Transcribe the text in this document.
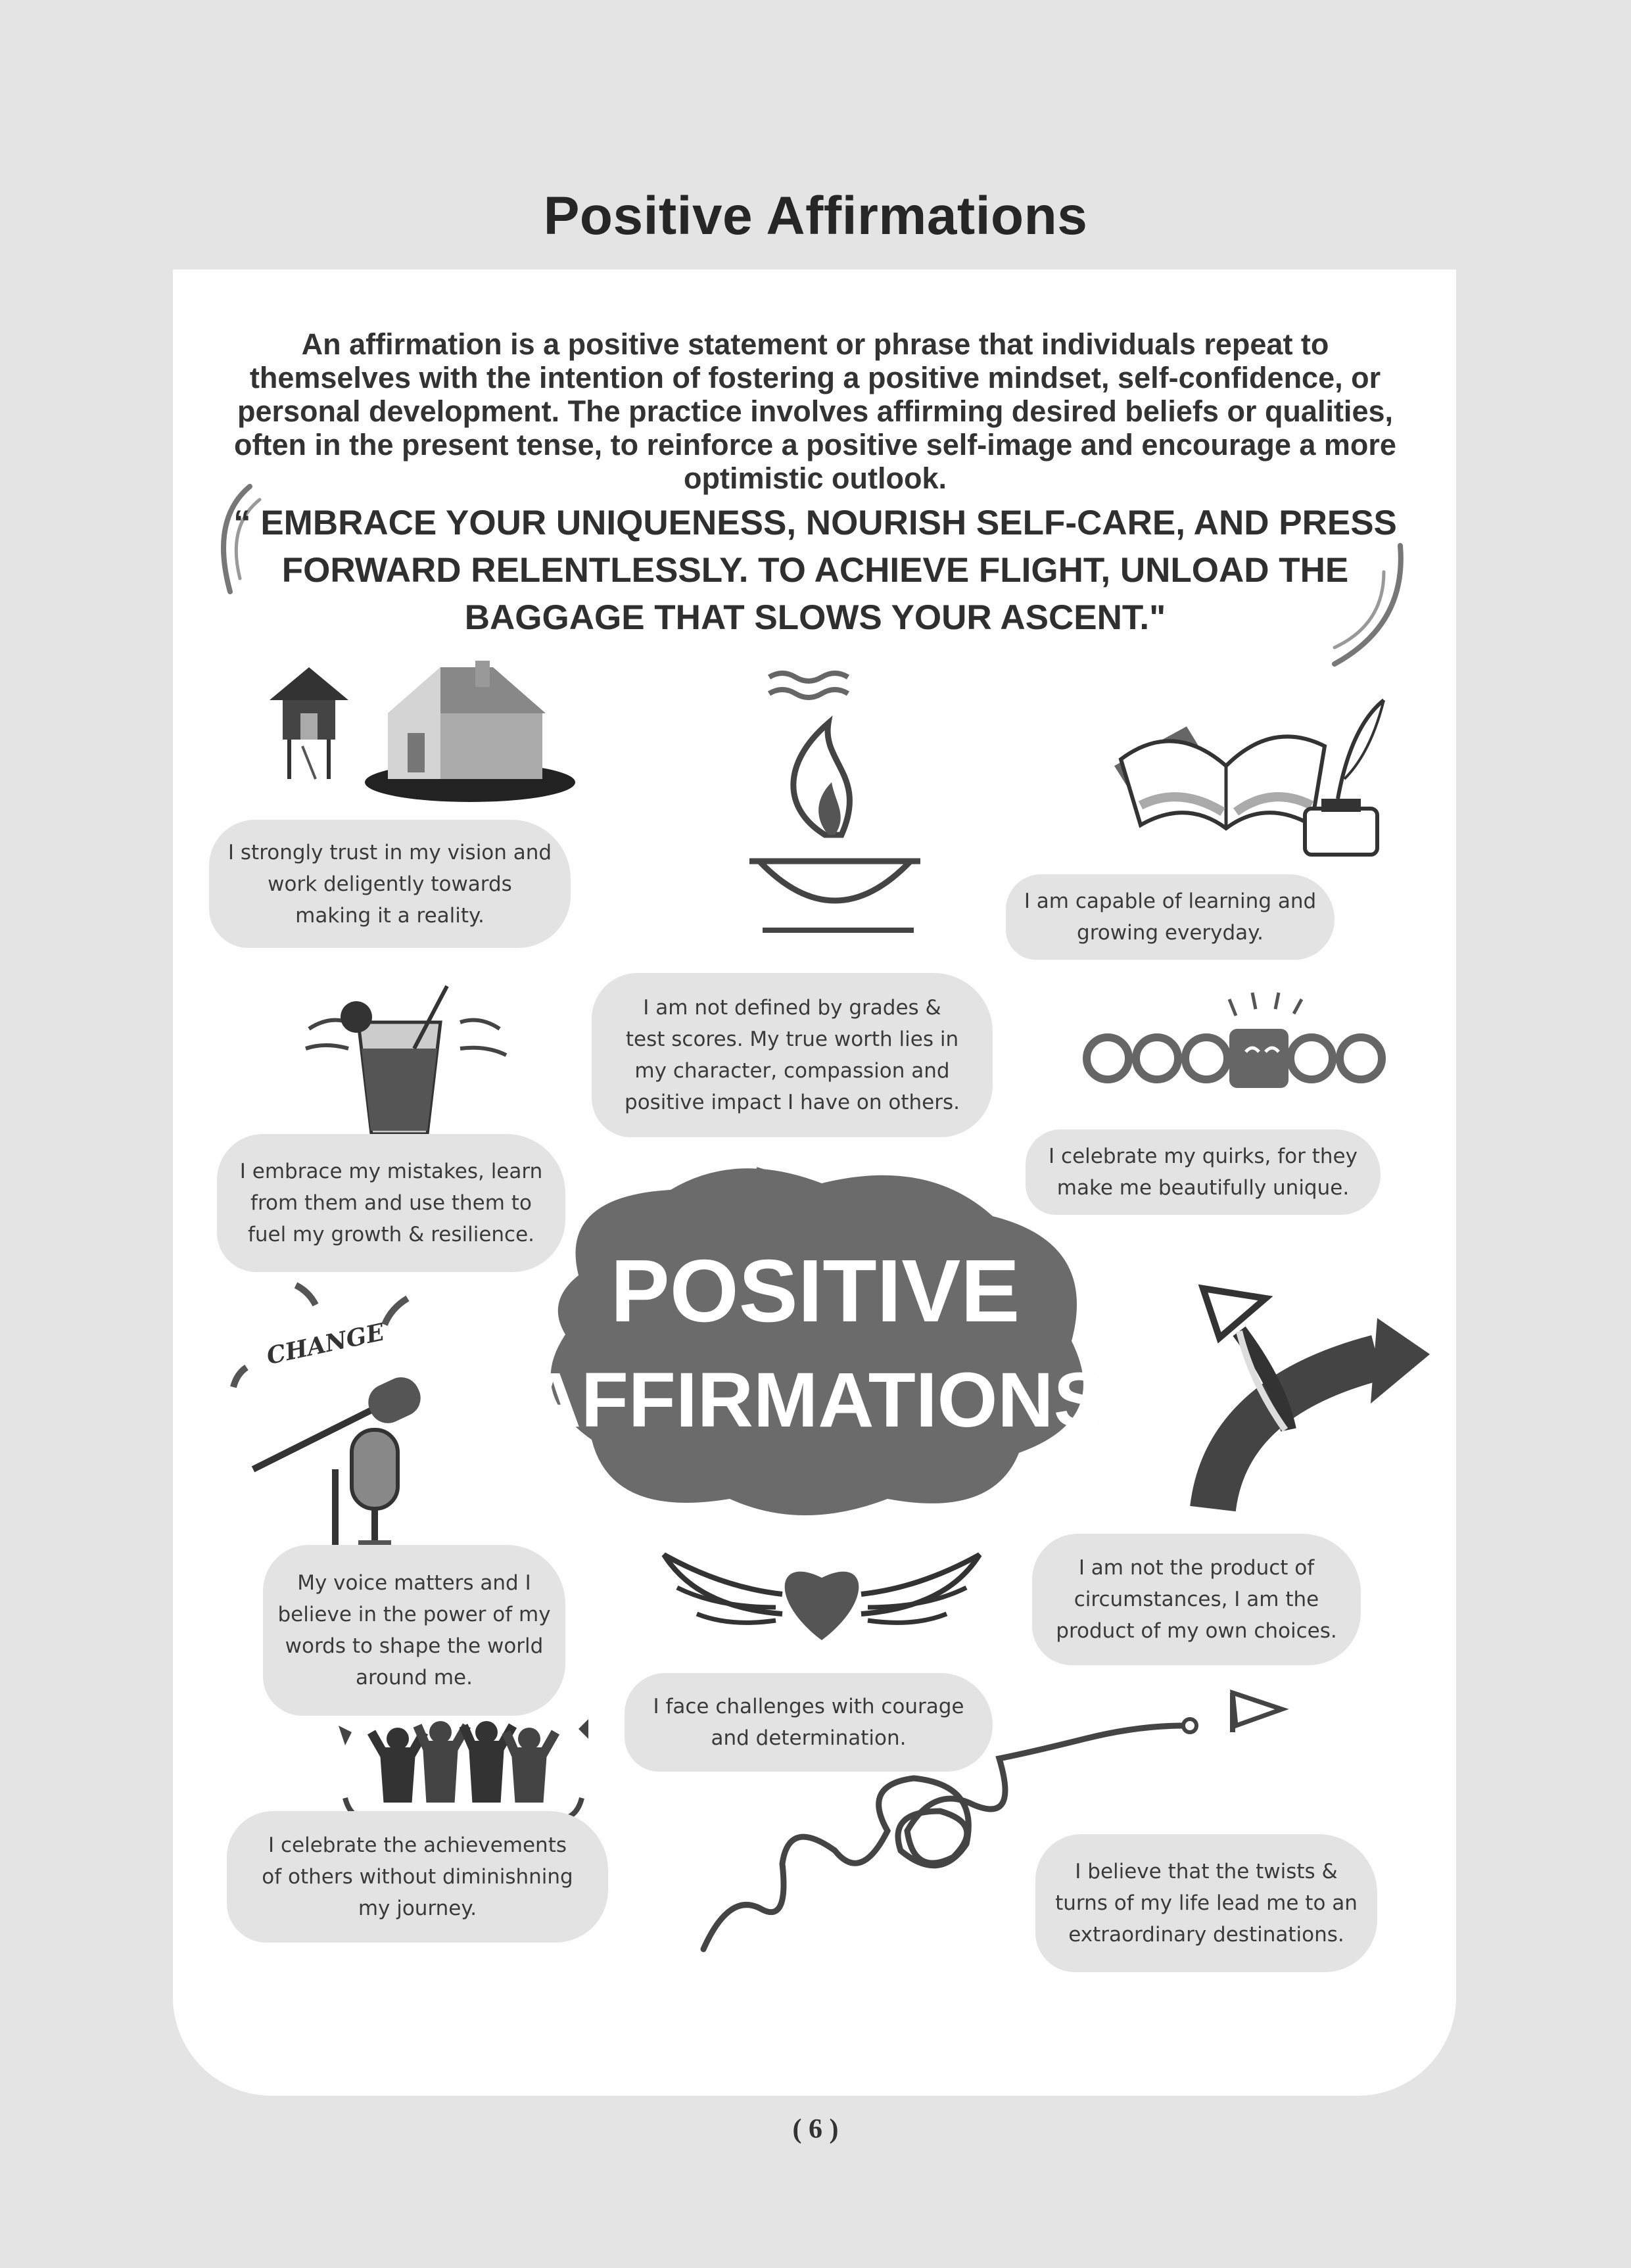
Positive Affirmations
An affirmation is a positive statement or phrase that individuals repeat to themselves with the intention of fostering a positive mindset, self-confidence, or personal development. The practice involves affirming desired beliefs or qualities, often in the present tense, to reinforce a positive self-image and encourage a more optimistic outlook.
“ EMBRACE YOUR UNIQUENESS, NOURISH SELF-CARE, AND PRESS
FORWARD RELENTLESSLY. TO ACHIEVE FLIGHT, UNLOAD THE
BAGGAGE THAT SLOWS YOUR ASCENT."
POSITIVE
AFFIRMATIONS
CHANGE
I strongly trust in my vision and
work deligently towards
making it a reality.
I am capable of learning and
growing everyday.
I am not defined by grades &
test scores. My true worth lies in
my character, compassion and
positive impact I have on others.
I embrace my mistakes, learn
from them and use them to
fuel my growth & resilience.
I celebrate my quirks, for they
make me beautifully unique.
My voice matters and I
believe in the power of my
words to shape the world
around me.
I am not the product of
circumstances, I am the
product of my own choices.
I face challenges with courage
and determination.
I celebrate the achievements
of others without diminishning
my journey.
I believe that the twists &
turns of my life lead me to an
extraordinary destinations.
( 6 )
